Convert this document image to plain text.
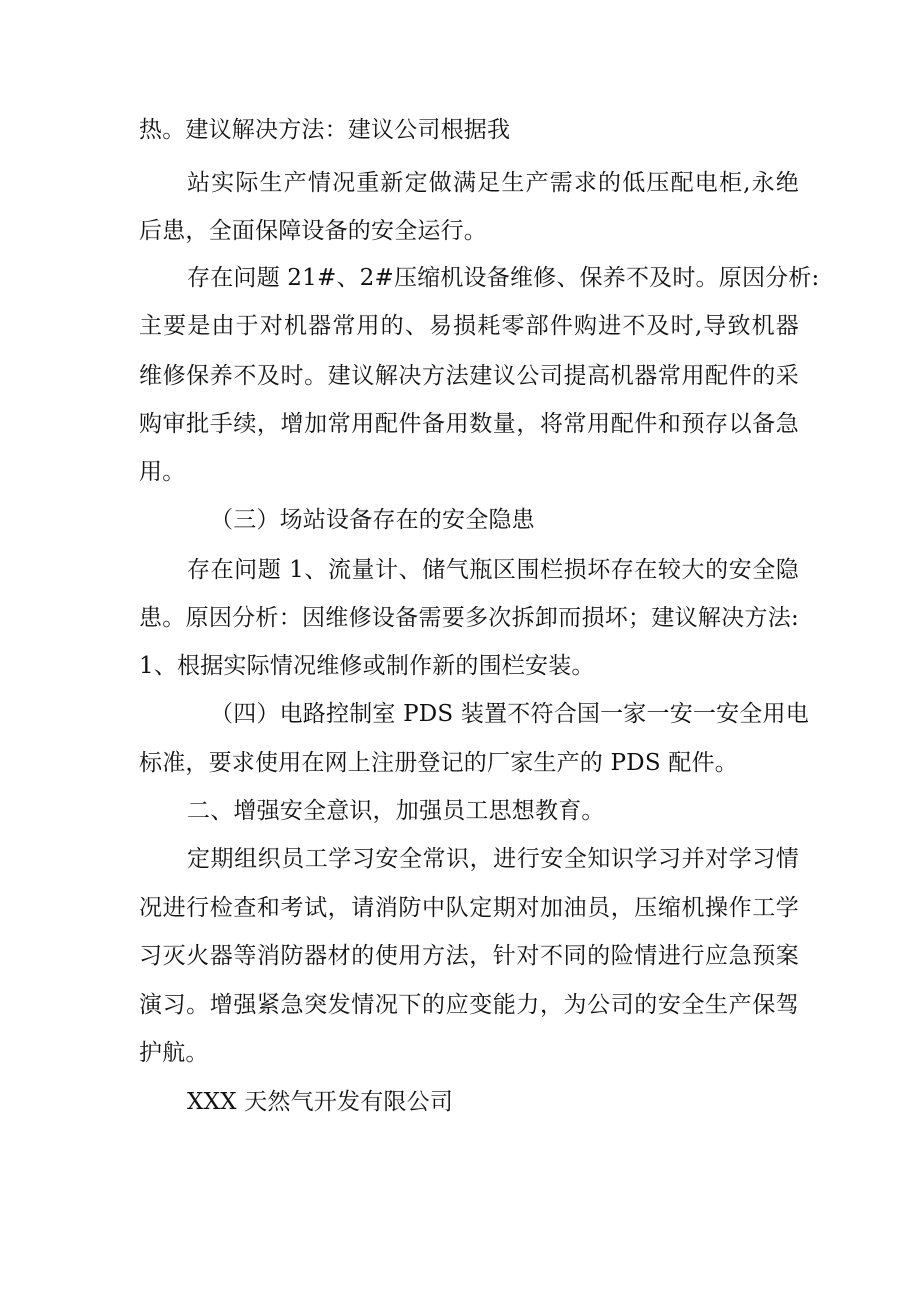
热。建议解决方法：建议公司根据我
站实际生产情况重新定做满足生产需求的低压配电柜,永绝
后患，全面保障设备的安全运行。
存在问题 21#、2#压缩机设备维修、保养不及时。原因分析:
主要是由于对机器常用的、易损耗零部件购进不及时,导致机器
维修保养不及时。建议解决方法建议公司提高机器常用配件的采
购审批手续，增加常用配件备用数量，将常用配件和预存以备急
用。
（三）场站设备存在的安全隐患
存在问题 1、流量计、储气瓶区围栏损坏存在较大的安全隐
患。原因分析：因维修设备需要多次拆卸而损坏；建议解决方法:
1、根据实际情况维修或制作新的围栏安装。
（四）电路控制室 PDS 装置不符合国一家一安一安全用电
标准，要求使用在网上注册登记的厂家生产的 PDS 配件。
二、增强安全意识，加强员工思想教育。
定期组织员工学习安全常识，进行安全知识学习并对学习情
况进行检查和考试，请消防中队定期对加油员，压缩机操作工学
习灭火器等消防器材的使用方法，针对不同的险情进行应急预案
演习。增强紧急突发情况下的应变能力，为公司的安全生产保驾
护航。
XXX 天然气开发有限公司
